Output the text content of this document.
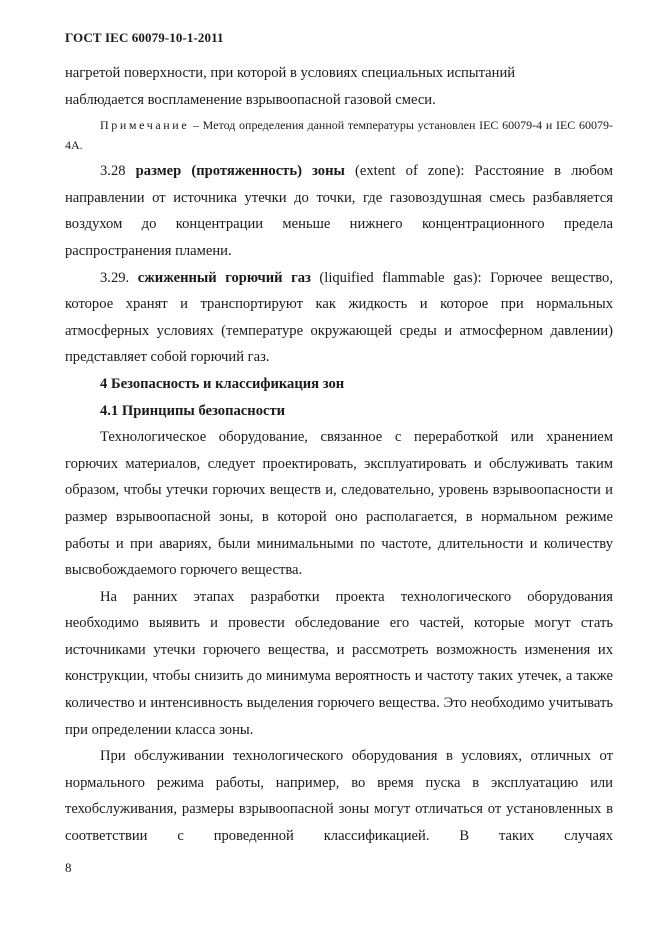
ГОСТ IEC 60079-10-1-2011

нагретой поверхности, при которой в условиях специальных испытаний
наблюдается воспламенение взрывоопасной газовой смеси.

Примечание – Метод определения данной температуры установлен IEC 60079-4 и IEC 60079-4А.

3.28 размер (протяженность) зоны (extent of zone): Расстояние в любом направлении от источника утечки до точки, где газовоздушная смесь разбавляется воздухом до концентрации меньше нижнего концентрационного предела распространения пламени.

3.29. сжиженный горючий газ (liquified flammable gas): Горючее вещество, которое хранят и транспортируют как жидкость и которое при нормальных атмосферных условиях (температуре окружающей среды и атмосферном давлении) представляет собой горючий газ.

4 Безопасность и классификация зон

4.1 Принципы безопасности

Технологическое оборудование, связанное с переработкой или хранением горючих материалов, следует проектировать, эксплуатировать и обслуживать таким образом, чтобы утечки горючих веществ и, следовательно, уровень взрывоопасности и размер взрывоопасной зоны, в которой оно располагается, в нормальном режиме работы и при авариях, были минимальными по частоте, длительности и количеству высвобождаемого горючего вещества.

На ранних этапах разработки проекта технологического оборудования необходимо выявить и провести обследование его частей, которые могут стать источниками утечки горючего вещества, и рассмотреть возможность изменения их конструкции, чтобы снизить до минимума вероятность и частоту таких утечек, а также количество и интенсивность выделения горючего вещества. Это необходимо учитывать при определении класса зоны.

При обслуживании технологического оборудования в условиях, отличных от нормального режима работы, например, во время пуска в эксплуатацию или техобслуживания, размеры взрывоопасной зоны могут отличаться от установленных в соответствии с проведенной классификацией. В таких случаях

8
